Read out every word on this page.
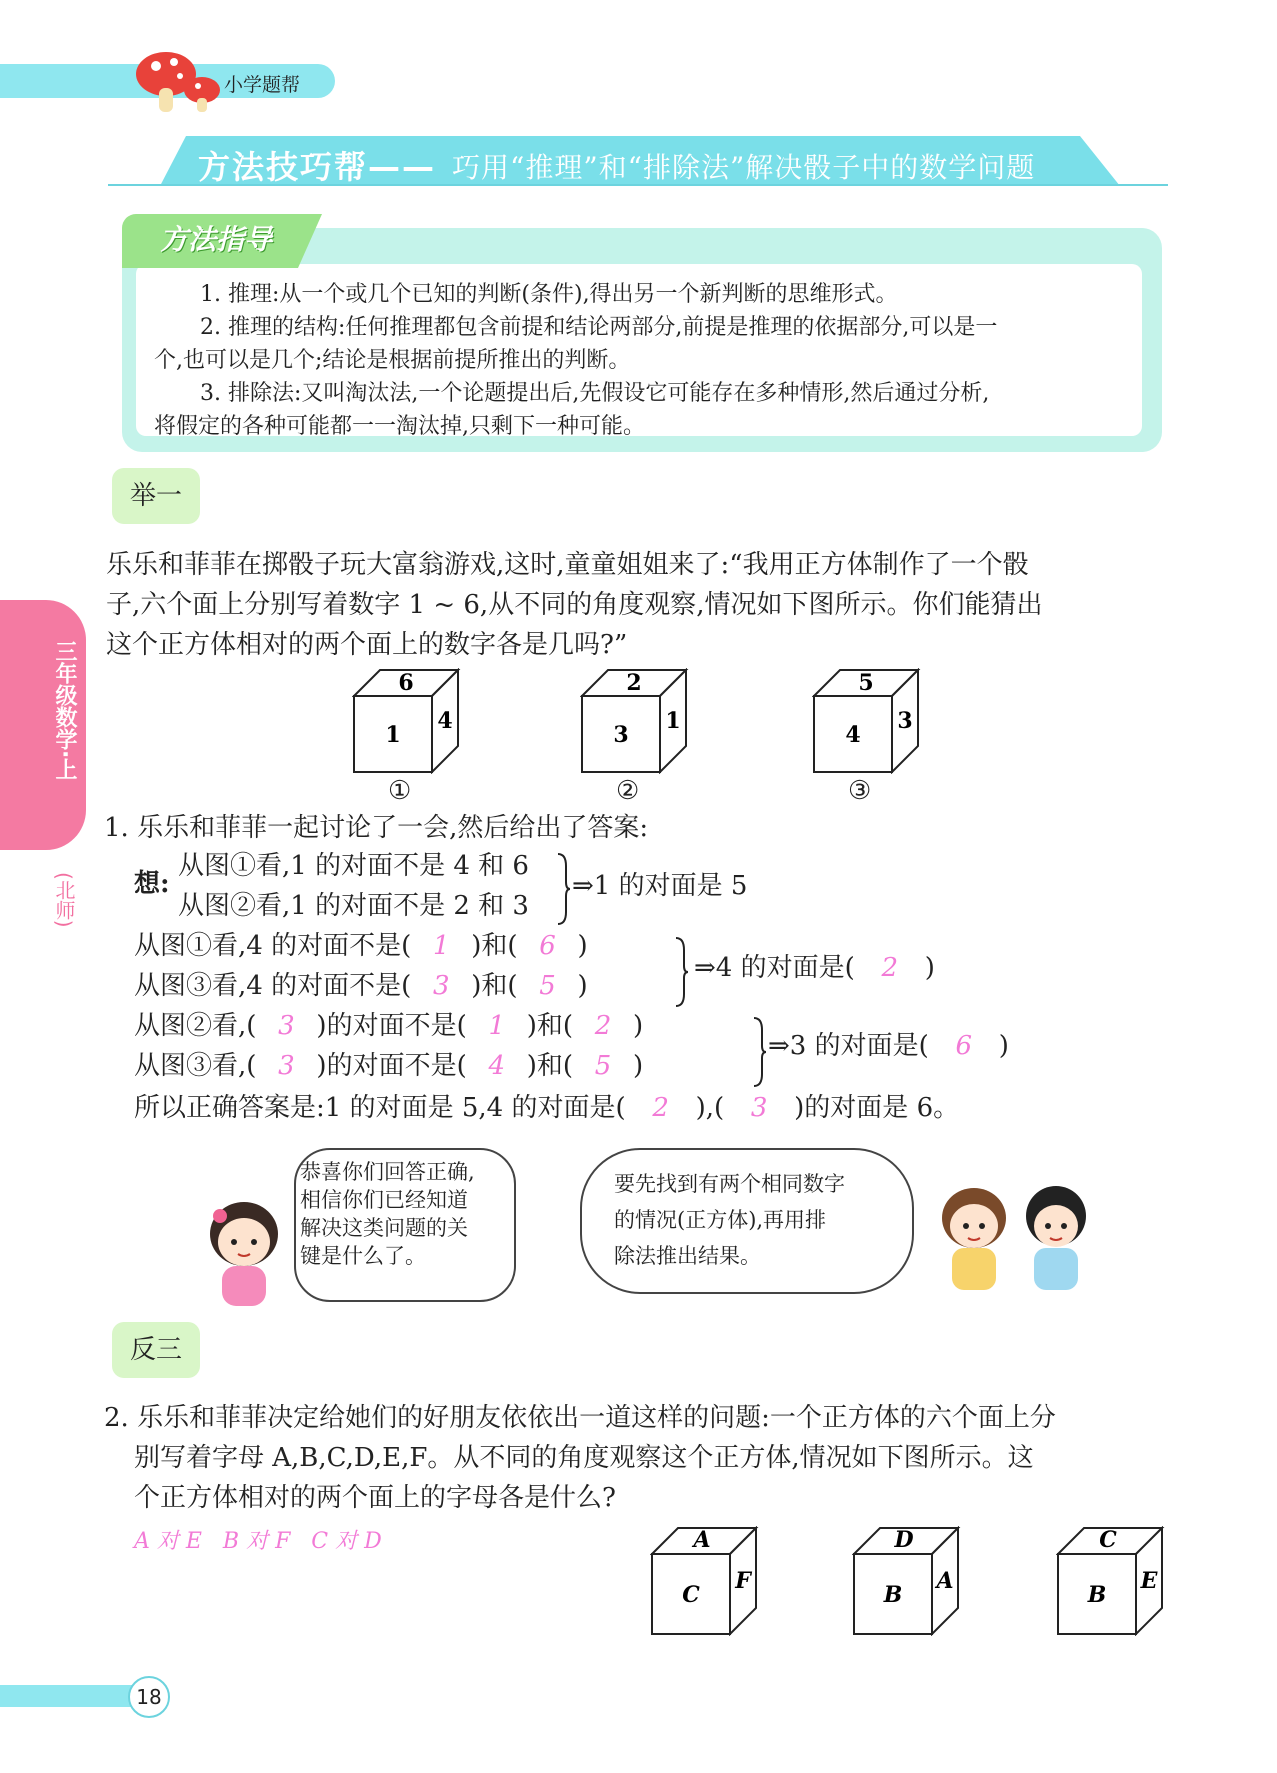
小学题帮
方法技巧帮—— 巧用“推理”和“排除法”解决骰子中的数学问题
方法指导
1. 推理:从一个或几个已知的判断(条件),得出另一个新判断的思维形式。
2. 推理的结构:任何推理都包含前提和结论两部分,前提是推理的依据部分,可以是一
个,也可以是几个;结论是根据前提所推出的判断。
3. 排除法:又叫淘汰法,一个论题提出后,先假设它可能存在多种情形,然后通过分析,
将假定的各种可能都一一淘汰掉,只剩下一种可能。
三年级数学·上
(北师)
举一
乐乐和菲菲在掷骰子玩大富翁游戏,这时,童童姐姐来了:“我用正方体制作了一个骰
子,六个面上分别写着数字 1 ~ 6,从不同的角度观察,情况如下图所示。你们能猜出
这个正方体相对的两个面上的数字各是几吗?”
6
1
4
①
2
3
1
②
5
4
3
③
1. 乐乐和菲菲一起讨论了一会,然后给出了答案:
想:
从图①看,1 的对面不是 4 和 6
从图②看,1 的对面不是 2 和 3
⇒1 的对面是 5
从图①看,4 的对面不是( 1 )和( 6 )
从图③看,4 的对面不是( 3 )和( 5 )
⇒4 的对面是( 2 )
从图②看,( 3 )的对面不是( 1 )和( 2 )
从图③看,( 3 )的对面不是( 4 )和( 5 )
⇒3 的对面是( 6 )
所以正确答案是:1 的对面是 5,4 的对面是( 2 ),( 3 )的对面是 6。
恭喜你们回答正确,
相信你们已经知道
解决这类问题的关
键是什么了。
要先找到有两个相同数字
的情况(正方体),再用排
除法推出结果。
反三
2. 乐乐和菲菲决定给她们的好朋友依依出一道这样的问题:一个正方体的六个面上分
别写着字母 A,B,C,D,E,F。从不同的角度观察这个正方体,情况如下图所示。这
个正方体相对的两个面上的字母各是什么?
A 对 E   B 对 F   C 对 D	A
C
F
D
B
A
C
B
E
18
